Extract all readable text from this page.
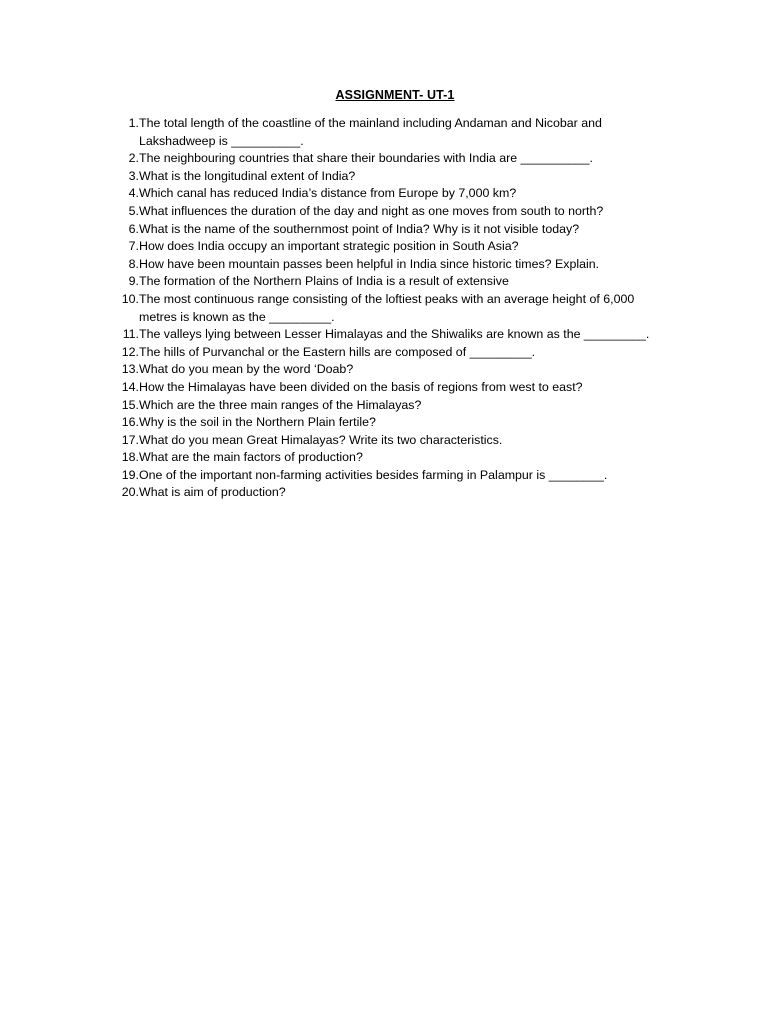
ASSIGNMENT- UT-1
1. The total length of the coastline of the mainland including Andaman and Nicobar and Lakshadweep is __________.
2. The neighbouring countries that share their boundaries with India are __________.
3. What is the longitudinal extent of India?
4. Which canal has reduced India’s distance from Europe by 7,000 km?
5. What influences the duration of the day and night as one moves from south to north?
6. What is the name of the southernmost point of India? Why is it not visible today?
7. How does India occupy an important strategic position in South Asia?
8. How have been mountain passes been helpful in India since historic times? Explain.
9. The formation of the Northern Plains of India is a result of extensive
10. The most continuous range consisting of the loftiest peaks with an average height of 6,000 metres is known as the _________.
11. The valleys lying between Lesser Himalayas and the Shiwaliks are known as the _________.
12. The hills of Purvanchal or the Eastern hills are composed of _________.
13. What do you mean by the word ‘Doab?
14. How the Himalayas have been divided on the basis of regions from west to east?
15. Which are the three main ranges of the Himalayas?
16. Why is the soil in the Northern Plain fertile?
17. What do you mean Great Himalayas? Write its two characteristics.
18. What are the main factors of production?
19. One of the important non-farming activities besides farming in Palampur is ________.
20. What is aim of production?
